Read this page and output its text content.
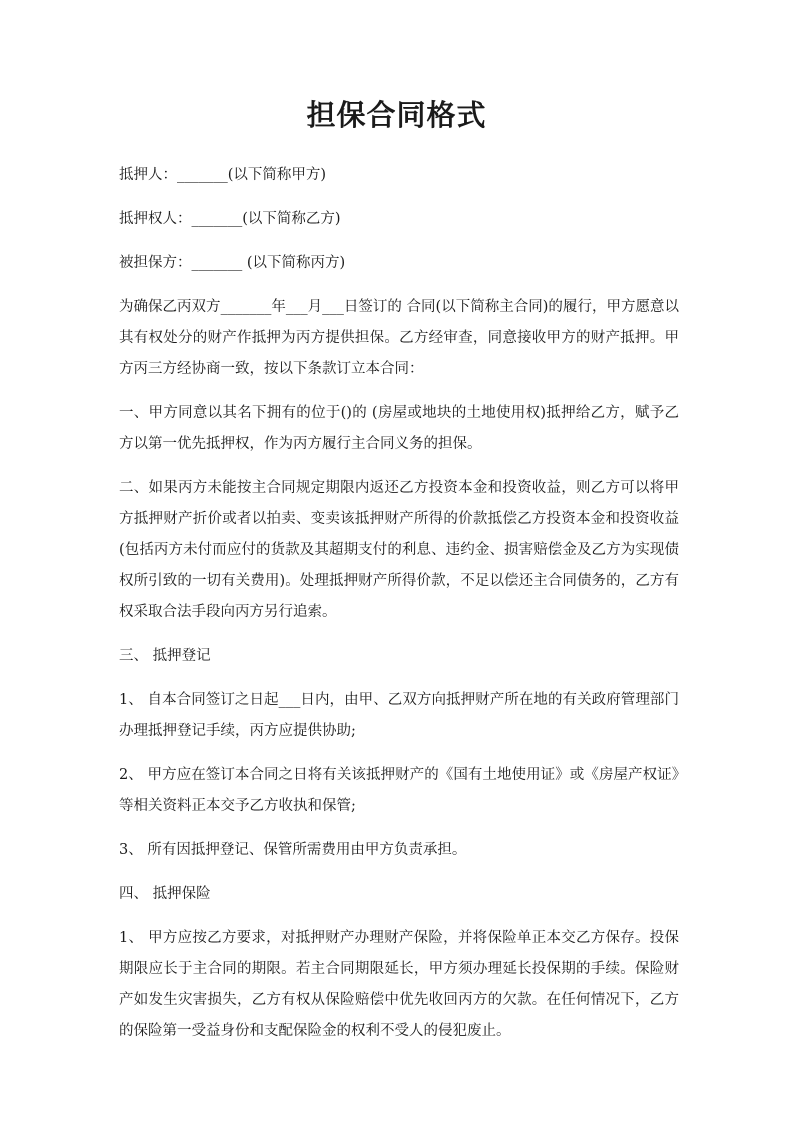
担保合同格式

抵押人：_______(以下简称甲方)

抵押权人：_______(以下简称乙方)

被担保方：_______ (以下简称丙方)

为确保乙丙双方_______年___月___日签订的 合同(以下简称主合同)的履行，甲方愿意以其有权处分的财产作抵押为丙方提供担保。乙方经审查，同意接收甲方的财产抵押。甲方丙三方经协商一致，按以下条款订立本合同：

一、甲方同意以其名下拥有的位于()的 (房屋或地块的土地使用权)抵押给乙方，赋予乙方以第一优先抵押权，作为丙方履行主合同义务的担保。

二、如果丙方未能按主合同规定期限内返还乙方投资本金和投资收益，则乙方可以将甲方抵押财产折价或者以拍卖、变卖该抵押财产所得的价款抵偿乙方投资本金和投资收益(包括丙方未付而应付的货款及其超期支付的利息、违约金、损害赔偿金及乙方为实现债权所引致的一切有关费用)。处理抵押财产所得价款，不足以偿还主合同债务的，乙方有权采取合法手段向丙方另行追索。

三、 抵押登记

1、 自本合同签订之日起___日内，由甲、乙双方向抵押财产所在地的有关政府管理部门办理抵押登记手续，丙方应提供协助;

2、 甲方应在签订本合同之日将有关该抵押财产的《国有土地使用证》或《房屋产权证》等相关资料正本交予乙方收执和保管;

3、 所有因抵押登记、保管所需费用由甲方负责承担。

四、 抵押保险

1、 甲方应按乙方要求，对抵押财产办理财产保险，并将保险单正本交乙方保存。投保期限应长于主合同的期限。若主合同期限延长，甲方须办理延长投保期的手续。保险财产如发生灾害损失，乙方有权从保险赔偿中优先收回丙方的欠款。在任何情况下，乙方的保险第一受益身份和支配保险金的权利不受人的侵犯废止。
